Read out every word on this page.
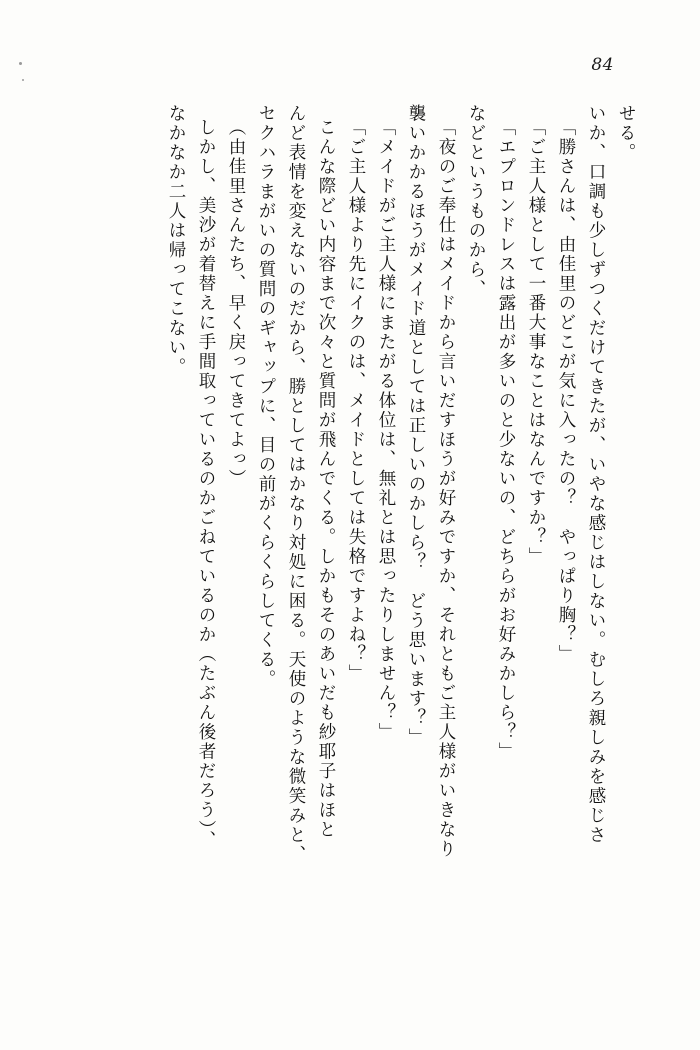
84
せる。
いか、口調も少しずつくだけてきたが、いやな感じはしない。むしろ親しみを感じさ
「勝さんは、由佳里のどこが気に入ったの？　やっぱり胸？」
「ご主人様として一番大事なことはなんですか？」
「エプロンドレスは露出が多いのと少ないの、どちらがお好みかしら？」
などというものから、
「夜のご奉仕はメイドから言いだすほうが好みですか、それともご主人様がいきなり
襲いかかるほうがメイド道としては正しいのかしら？　どう思います？」
「メイドがご主人様にまたがる体位は、無礼とは思ったりしません？」
「ご主人様より先にイクのは、メイドとしては失格ですよね？」
こんな際どい内容まで次々と質問が飛んでくる。しかもそのあいだも紗耶子はほと
んど表情を変えないのだから、勝としてはかなり対処に困る。天使のような微笑みと、
セクハラまがいの質問のギャップに、目の前がくらくらしてくる。
（由佳里さんたち、早く戻ってきてよっ）
しかし、美沙が着替えに手間取っているのかごねているのか（たぶん後者だろう）、
なかなか二人は帰ってこない。
